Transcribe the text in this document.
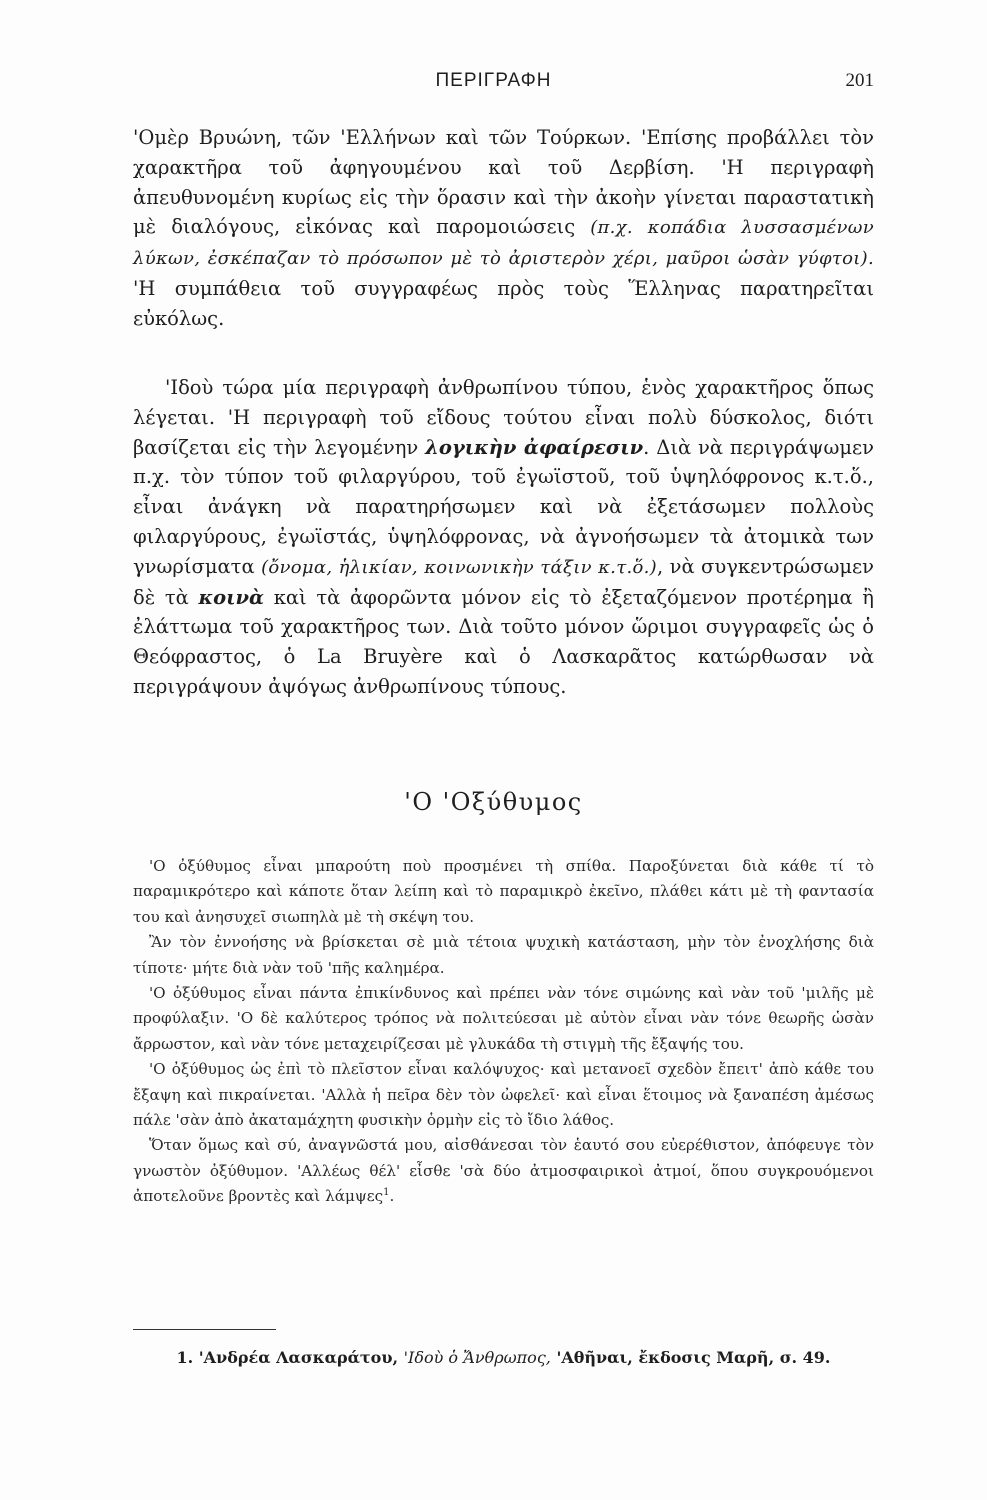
ΠΕΡΙΓΡΑΦΗ	201

'Ομὲρ Βρυώνη, τῶν 'Ελλήνων καὶ τῶν Τούρκων. 'Επίσης προβάλλει τὸν χαρακτῆρα τοῦ ἀφηγουμένου καὶ τοῦ Δερβίση. 'Η περιγραφὴ ἀπευθυνομένη κυρίως εἰς τὴν ὅρασιν καὶ τὴν ἀκοὴν γίνεται παραστατικὴ μὲ διαλόγους, εἰκόνας καὶ παρομοιώσεις (π.χ. κοπάδια λυσσασμένων λύκων, ἐσκέπαζαν τὸ πρόσωπον μὲ τὸ ἀριστερὸν χέρι, μαῦροι ὡσὰν γύφτοι). 'Η συμπάθεια τοῦ συγγραφέως πρὸς τοὺς Ἕλληνας παρατηρεῖται εὐκόλως.

'Ιδοὺ τώρα μία περιγραφὴ ἀνθρωπίνου τύπου, ἑνὸς χαρακτῆρος ὅπως λέγεται. 'Η περιγραφὴ τοῦ εἴδους τούτου εἶναι πολὺ δύσκολος, διότι βασίζεται εἰς τὴν λεγομένην λογικὴν ἀφαίρεσιν. Διὰ νὰ περιγράψωμεν π.χ. τὸν τύπον τοῦ φιλαργύρου, τοῦ ἐγωϊστοῦ, τοῦ ὑψηλόφρονος κ.τ.ὅ., εἶναι ἀνάγκη νὰ παρατηρήσωμεν καὶ νὰ ἐξετάσωμεν πολλοὺς φιλαργύρους, ἐγωϊστάς, ὑψηλόφρονας, νὰ ἀγνοήσωμεν τὰ ἀτομικὰ των γνωρίσματα (ὄνομα, ἡλικίαν, κοινωνικὴν τάξιν κ.τ.ὅ.), νὰ συγκεντρώσωμεν δὲ τὰ κοινὰ καὶ τὰ ἀφορῶντα μόνον εἰς τὸ ἐξεταζόμενον προτέρημα ἢ ἐλάττωμα τοῦ χαρακτῆρος των. Διὰ τοῦτο μόνον ὥριμοι συγγραφεῖς ὡς ὁ Θεόφραστος, ὁ La Bruyère καὶ ὁ Λασκαρᾶτος κατώρθωσαν νὰ περιγράψουν ἀψόγως ἀνθρωπίνους τύπους.

'Ο 'Οξύθυμος

'Ο ὀξύθυμος εἶναι μπαρούτη ποὺ προσμένει τὴ σπίθα. Παροξύνεται διὰ κάθε τί τὸ παραμικρότερο καὶ κάποτε ὅταν λείπη καὶ τὸ παραμικρὸ ἐκεῖνο, πλάθει κάτι μὲ τὴ φαντασία του καὶ ἀνησυχεῖ σιωπηλὰ μὲ τὴ σκέψη του.

Ἂν τὸν ἐννοήσης νὰ βρίσκεται σὲ μιὰ τέτοια ψυχικὴ κατάσταση, μὴν τὸν ἐνοχλήσης διὰ τίποτε· μήτε διὰ νὰν τοῦ 'πῆς καλημέρα.

'Ο ὀξύθυμος εἶναι πάντα ἐπικίνδυνος καὶ πρέπει νὰν τόνε σιμώνης καὶ νὰν τοῦ 'μιλῆς μὲ προφύλαξιν. 'Ο δὲ καλύτερος τρόπος νὰ πολιτεύεσαι μὲ αὐτὸν εἶναι νὰν τόνε θεωρῆς ὡσὰν ἄρρωστον, καὶ νὰν τόνε μεταχειρίζεσαι μὲ γλυκάδα τὴ στιγμὴ τῆς ἔξαψής του.

'Ο ὀξύθυμος ὡς ἐπὶ τὸ πλεῖστον εἶναι καλόψυχος· καὶ μετανοεῖ σχεδὸν ἔπειτ' ἀπὸ κάθε του ἔξαψη καὶ πικραίνεται. 'Αλλὰ ἡ πεῖρα δὲν τὸν ὠφελεῖ· καὶ εἶναι ἕτοιμος νὰ ξαναπέση ἀμέσως πάλε 'σὰν ἀπὸ ἀκαταμάχητη φυσικὴν ὁρμὴν εἰς τὸ ἴδιο λάθος.

Ὅταν ὅμως καὶ σύ, ἀναγνῶστά μου, αἰσθάνεσαι τὸν ἑαυτό σου εὐερέθιστον, ἀπόφευγε τὸν γνωστὸν ὀξύθυμον. 'Αλλέως θέλ' εἶσθε 'σὰ δύο ἀτμοσφαιρικοὶ ἀτμοί, ὅπου συγκρουόμενοι ἀποτελοῦνε βροντὲς καὶ λάμψες$^1$.

1. 'Ανδρέα Λασκαράτου, 'Ιδοὺ ὁ Ἄνθρωπος, 'Αθῆναι, ἔκδοσις Μαρῆ, σ. 49.
